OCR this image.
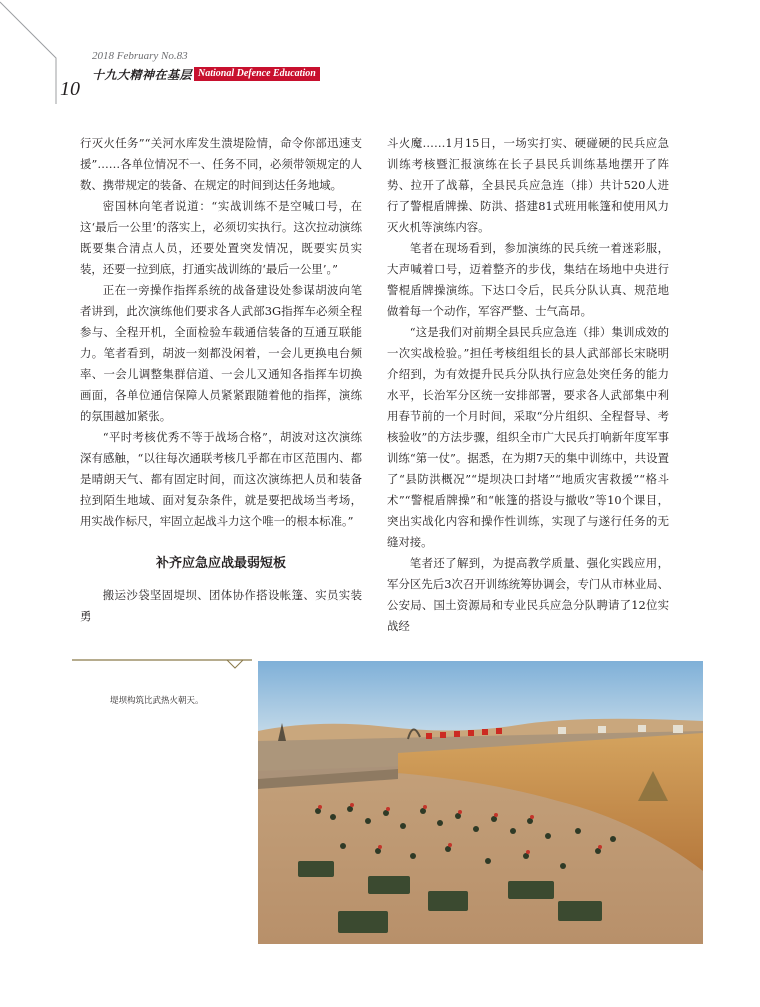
2018 February No.83
十九大精神在基层 National Defence Education
10

行灭火任务”“关河水库发生溃堤险情，命令你部迅速支援”……各单位情况不一、任务不同，必须带领规定的人数、携带规定的装备、在规定的时间到达任务地域。

密国林向笔者说道：“实战训练不是空喊口号，在这‘最后一公里’的落实上，必须切实执行。这次拉动演练既要集合清点人员，还要处置突发情况，既要实员实装，还要一拉到底，打通实战训练的‘最后一公里’。”

正在一旁操作指挥系统的战备建设处参谋胡波向笔者讲到，此次演练他们要求各人武部3G指挥车必须全程参与、全程开机，全面检验车载通信装备的互通互联能力。笔者看到，胡波一刻都没闲着，一会儿更换电台频率、一会儿调整集群信道、一会儿又通知各指挥车切换画面，各单位通信保障人员紧紧跟随着他的指挥，演练的氛围越加紧张。

“平时考核优秀不等于战场合格”，胡波对这次演练深有感触，“以往每次通联考核几乎都在市区范围内、都是晴朗天气、都有固定时间，而这次演练把人员和装备拉到陌生地域、面对复杂条件，就是要把战场当考场，用实战作标尺，牢固立起战斗力这个唯一的根本标准。”

补齐应急应战最弱短板

搬运沙袋坚固堤坝、团体协作搭设帐篷、实员实装勇

斗火魔……1月15日，一场实打实、硬碰硬的民兵应急训练考核暨汇报演练在长子县民兵训练基地摆开了阵势、拉开了战幕，全县民兵应急连（排）共计520人进行了警棍盾牌操、防洪、搭建81式班用帐篷和使用风力灭火机等演练内容。

笔者在现场看到，参加演练的民兵统一着迷彩服，大声喊着口号，迈着整齐的步伐，集结在场地中央进行警棍盾牌操演练。下达口令后，民兵分队认真、规范地做着每一个动作，军容严整、士气高昂。

“这是我们对前期全县民兵应急连（排）集训成效的一次实战检验。”担任考核组组长的县人武部部长宋晓明介绍到，为有效提升民兵分队执行应急处突任务的能力水平，长治军分区统一安排部署，要求各人武部集中利用春节前的一个月时间，采取“分片组织、全程督导、考核验收”的方法步骤，组织全市广大民兵打响新年度军事训练“第一仗”。据悉，在为期7天的集中训练中，共设置了“县防洪概况”“堤坝决口封堵”“地质灾害救援”“格斗术”“警棍盾牌操”和“帐篷的搭设与撤收”等10个课目，突出实战化内容和操作性训练，实现了与遂行任务的无缝对接。

笔者还了解到，为提高教学质量、强化实践应用，军分区先后3次召开训练统筹协调会，专门从市林业局、公安局、国土资源局和专业民兵应急分队聘请了12位实战经

堤坝构筑比武热火朝天。
